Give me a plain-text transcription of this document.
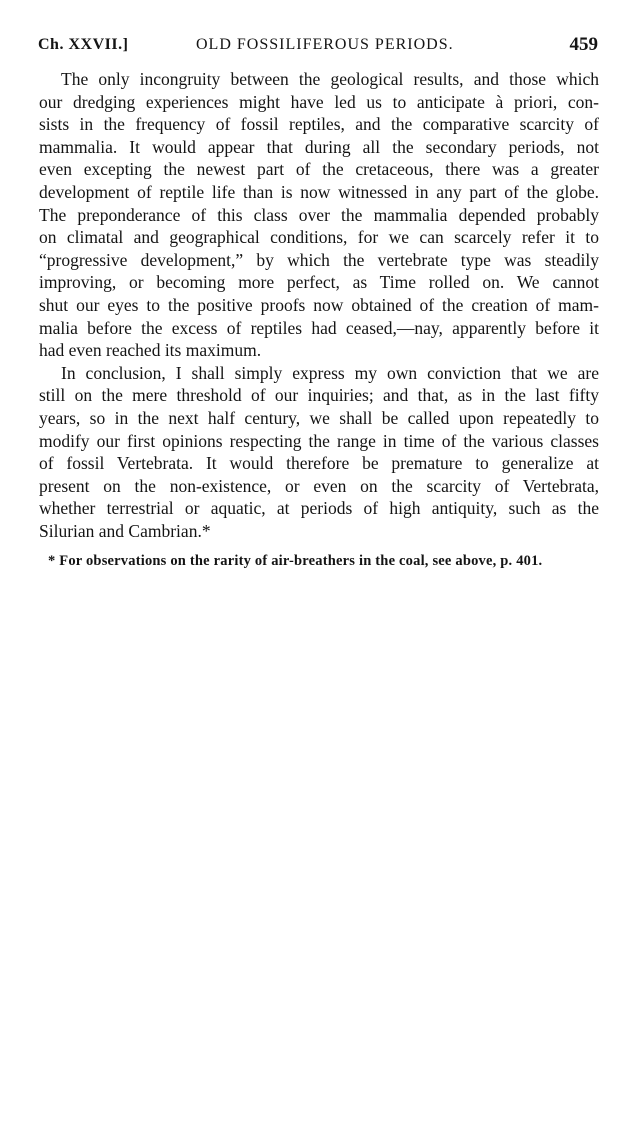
Ch. XXVII.]	OLD FOSSILIFEROUS PERIODS.	459
The only incongruity between the geological results, and those which
our dredging experiences might have led us to anticipate à priori, con-
sists in the frequency of fossil reptiles, and the comparative scarcity of
mammalia. It would appear that during all the secondary periods, not
even excepting the newest part of the cretaceous, there was a greater
development of reptile life than is now witnessed in any part of the globe.
The preponderance of this class over the mammalia depended probably
on climatal and geographical conditions, for we can scarcely refer it to
“progressive development,” by which the vertebrate type was steadily
improving, or becoming more perfect, as Time rolled on. We cannot
shut our eyes to the positive proofs now obtained of the creation of mam-
malia before the excess of reptiles had ceased,—nay, apparently before it
had even reached its maximum.
In conclusion, I shall simply express my own conviction that we are
still on the mere threshold of our inquiries; and that, as in the last fifty
years, so in the next half century, we shall be called upon repeatedly to
modify our first opinions respecting the range in time of the various classes
of fossil Vertebrata. It would therefore be premature to generalize at
present on the non-existence, or even on the scarcity of Vertebrata,
whether terrestrial or aquatic, at periods of high antiquity, such as the
Silurian and Cambrian.*
* For observations on the rarity of air-breathers in the coal, see above, p. 401.
